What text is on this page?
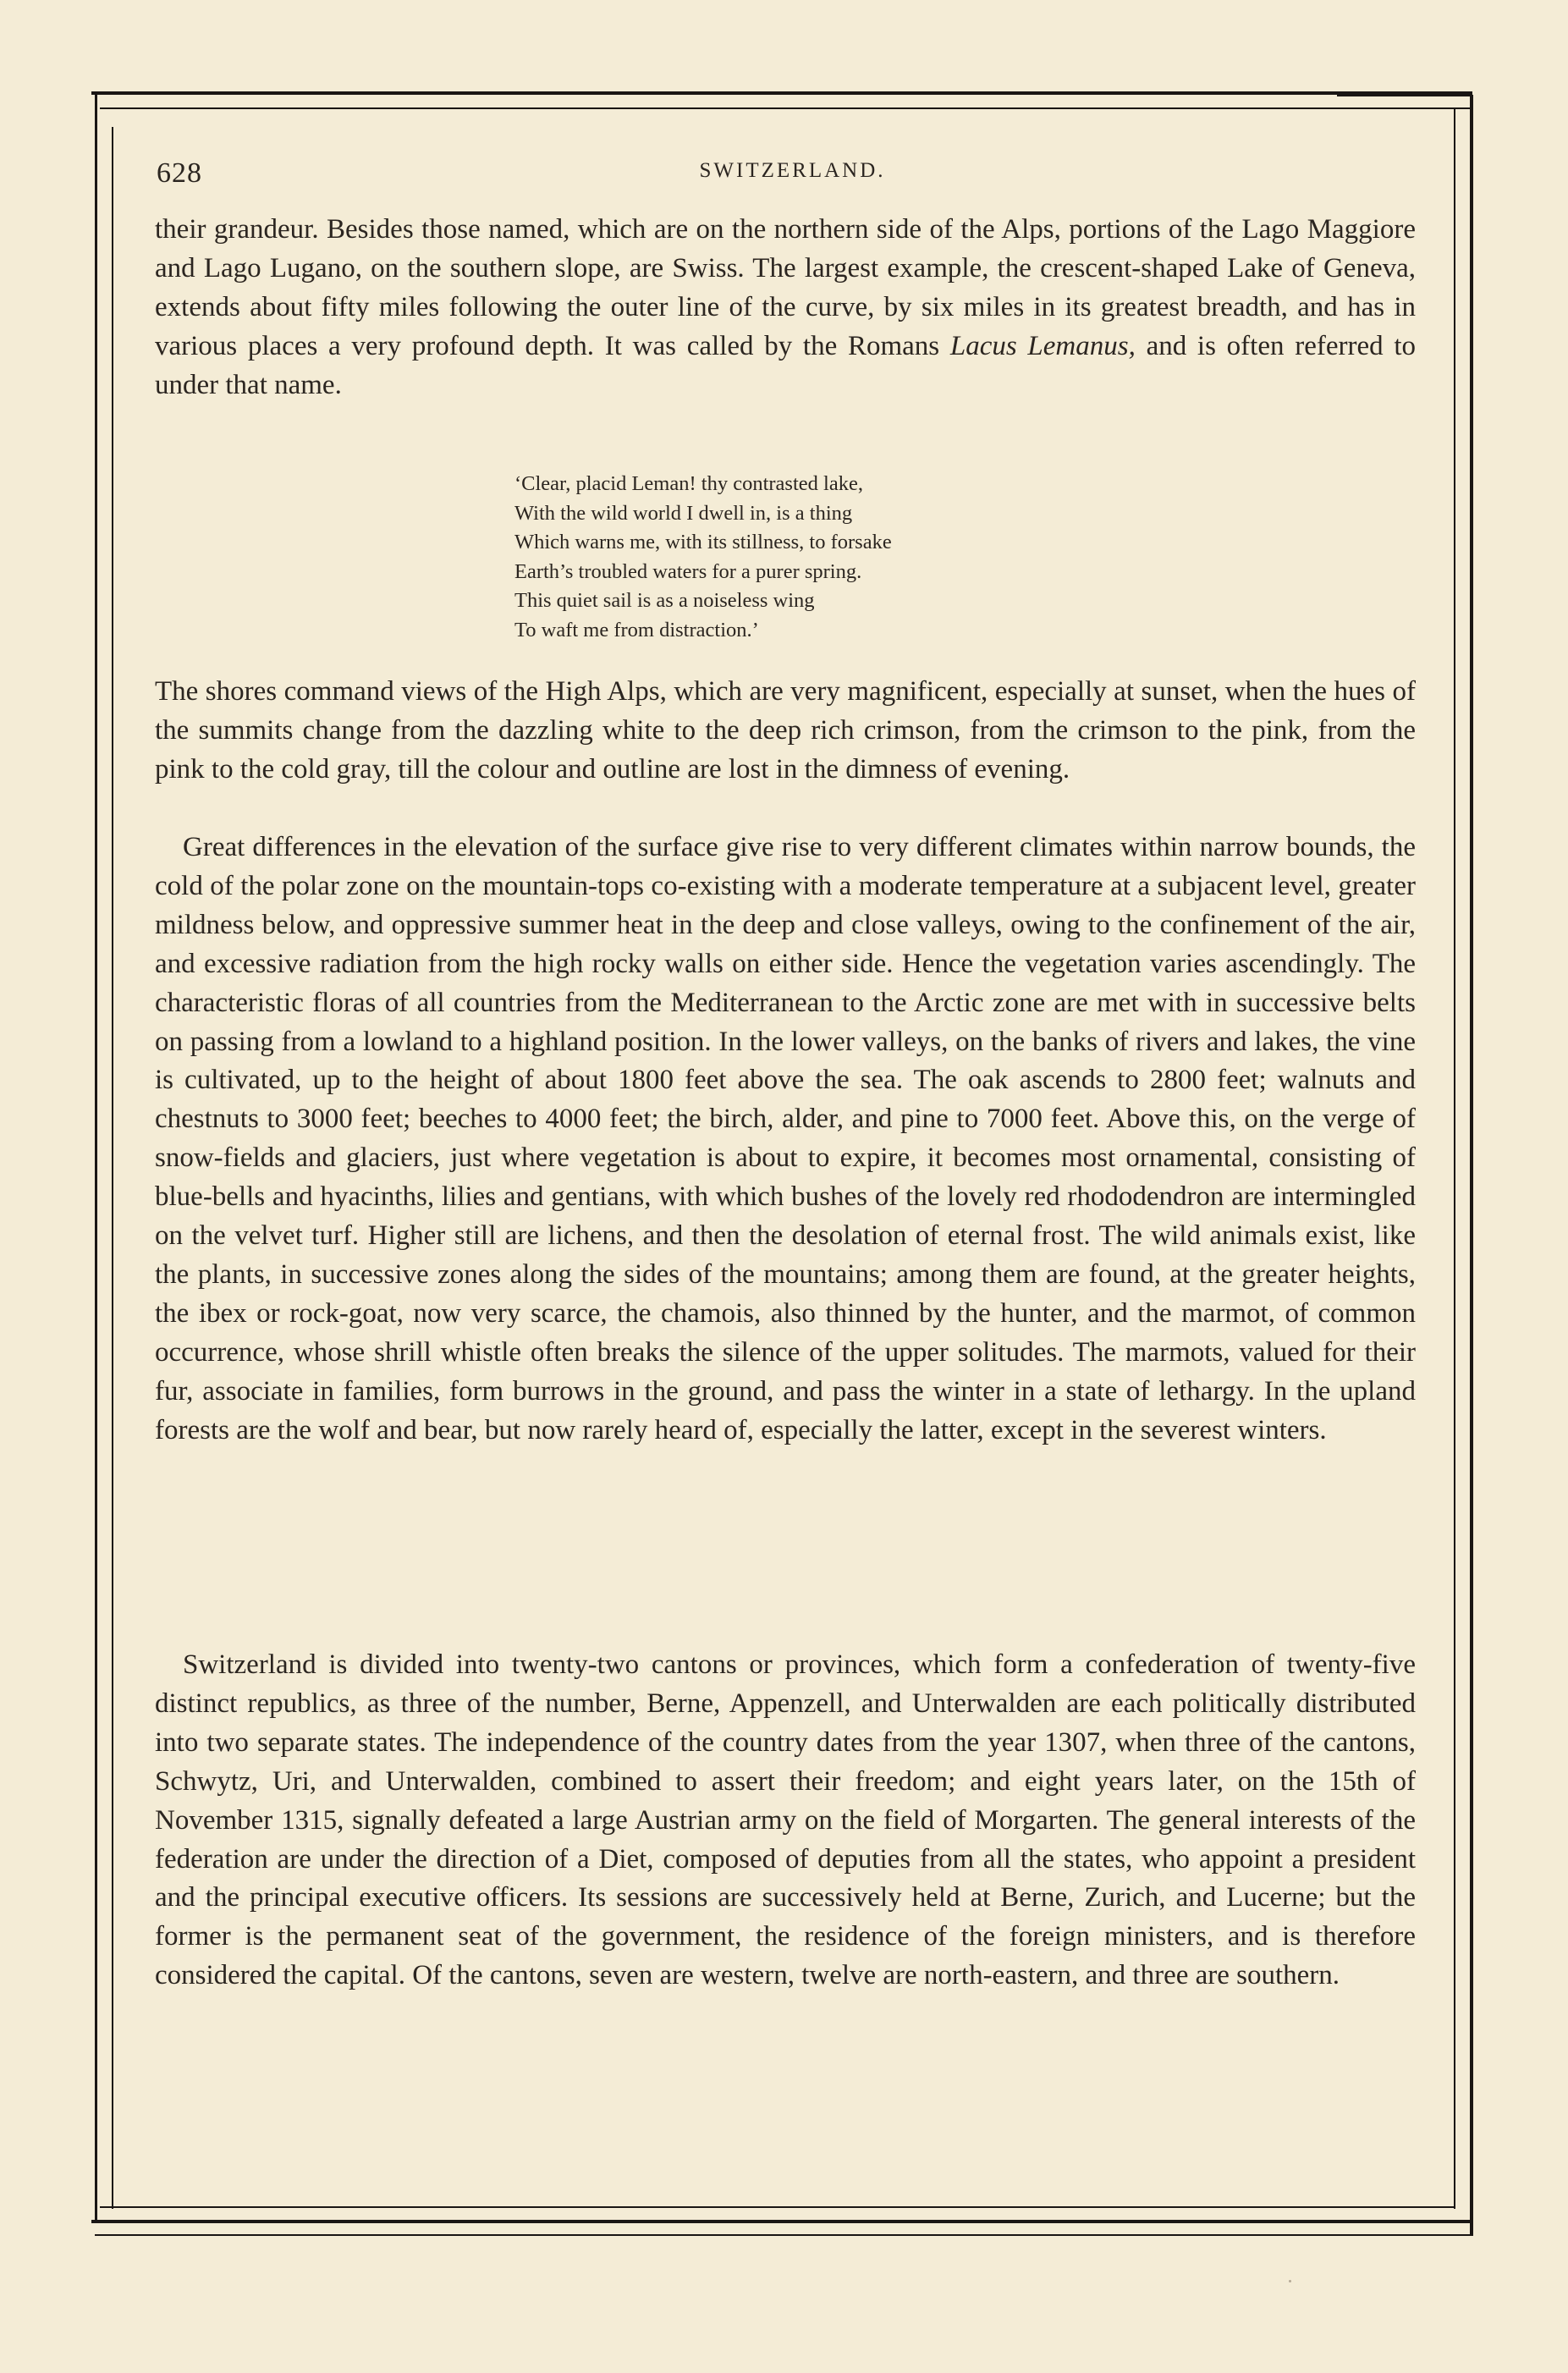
628	SWITZERLAND.

their grandeur. Besides those named, which are on the northern side of the Alps, portions of the Lago Maggiore and Lago Lugano, on the southern slope, are Swiss. The largest example, the crescent-shaped Lake of Geneva, extends about fifty miles following the outer line of the curve, by six miles in its greatest breadth, and has in various places a very profound depth. It was called by the Romans Lacus Lemanus, and is often referred to under that name.

‘Clear, placid Leman! thy contrasted lake,
With the wild world I dwell in, is a thing
Which warns me, with its stillness, to forsake
Earth’s troubled waters for a purer spring.
This quiet sail is as a noiseless wing
To waft me from distraction.’

The shores command views of the High Alps, which are very magnificent, especially at sunset, when the hues of the summits change from the dazzling white to the deep rich crimson, from the crimson to the pink, from the pink to the cold gray, till the colour and outline are lost in the dimness of evening.

Great differences in the elevation of the surface give rise to very different climates within narrow bounds, the cold of the polar zone on the mountain-tops co-existing with a moderate temperature at a subjacent level, greater mildness below, and oppressive summer heat in the deep and close valleys, owing to the confinement of the air, and excessive radiation from the high rocky walls on either side. Hence the vegetation varies ascendingly. The characteristic floras of all countries from the Mediterranean to the Arctic zone are met with in successive belts on passing from a lowland to a highland position. In the lower valleys, on the banks of rivers and lakes, the vine is cultivated, up to the height of about 1800 feet above the sea. The oak ascends to 2800 feet; walnuts and chestnuts to 3000 feet; beeches to 4000 feet; the birch, alder, and pine to 7000 feet. Above this, on the verge of snow-fields and glaciers, just where vegetation is about to expire, it becomes most ornamental, consisting of blue-bells and hyacinths, lilies and gentians, with which bushes of the lovely red rhododendron are intermingled on the velvet turf. Higher still are lichens, and then the desolation of eternal frost. The wild animals exist, like the plants, in successive zones along the sides of the mountains; among them are found, at the greater heights, the ibex or rock-goat, now very scarce, the chamois, also thinned by the hunter, and the marmot, of common occurrence, whose shrill whistle often breaks the silence of the upper solitudes. The marmots, valued for their fur, associate in families, form burrows in the ground, and pass the winter in a state of lethargy. In the upland forests are the wolf and bear, but now rarely heard of, especially the latter, except in the severest winters.

Switzerland is divided into twenty-two cantons or provinces, which form a confederation of twenty-five distinct republics, as three of the number, Berne, Appenzell, and Unterwalden are each politically distributed into two separate states. The independence of the country dates from the year 1307, when three of the cantons, Schwytz, Uri, and Unterwalden, combined to assert their freedom; and eight years later, on the 15th of November 1315, signally defeated a large Austrian army on the field of Morgarten. The general interests of the federation are under the direction of a Diet, composed of deputies from all the states, who appoint a president and the principal executive officers. Its sessions are successively held at Berne, Zurich, and Lucerne; but the former is the permanent seat of the government, the residence of the foreign ministers, and is therefore considered the capital. Of the cantons, seven are western, twelve are north-eastern, and three are southern.
